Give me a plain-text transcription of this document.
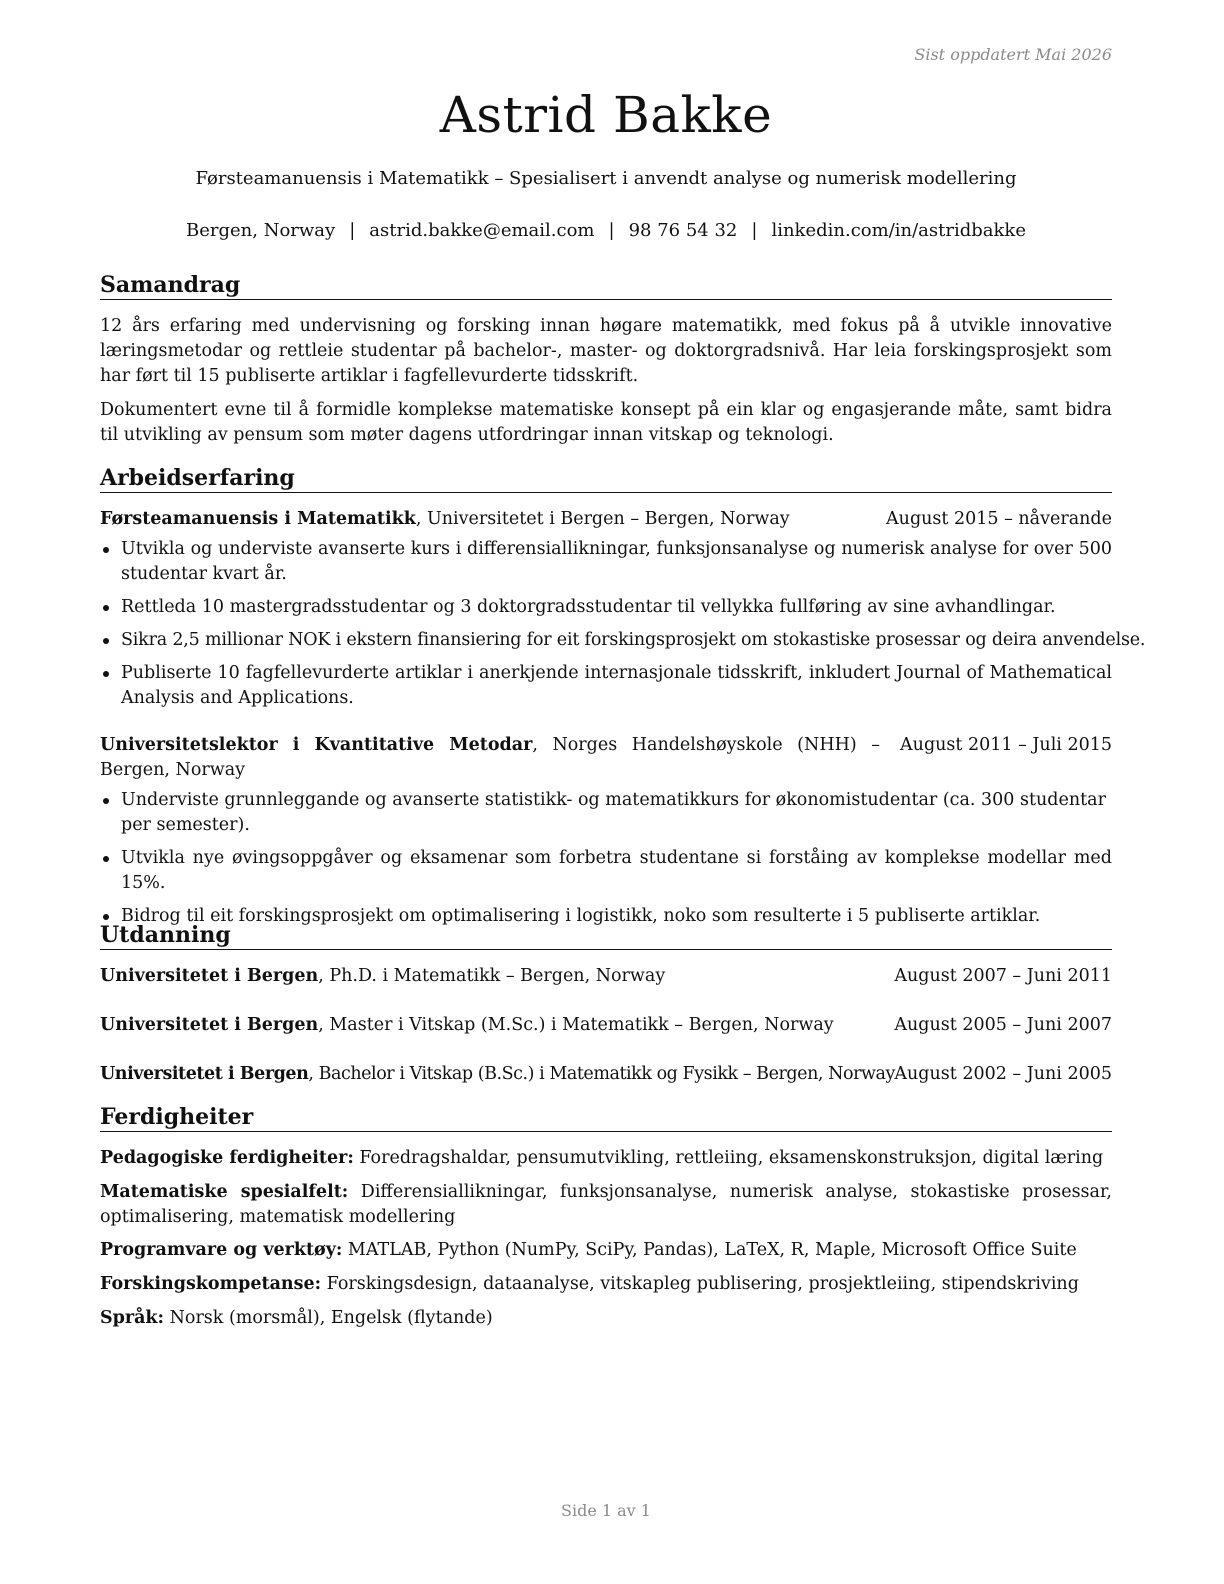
Sist oppdatert Mai 2026
Astrid Bakke
Førsteamanuensis i Matematikk – Spesialisert i anvendt analyse og numerisk modellering
Bergen, Norway | astrid.bakke@email.com | 98 76 54 32 | linkedin.com/in/astridbakke
Samandrag

12 års erfaring med undervisning og forsking innan høgare matematikk, med fokus på å utvikle innovative læringsmetodar og rettleie studentar på bachelor-, master- og doktorgradsnivå. Har leia forskingsprosjekt som har ført til 15 publiserte artiklar i fagfellevurderte tidsskrift.

Dokumentert evne til å formidle komplekse matematiske konsept på ein klar og engasjerande måte, samt bidra til utvikling av pensum som møter dagens utfordringar innan vitskap og teknologi.

Arbeidserfaring
Førsteamanuensis i Matematikk, Universitetet i Bergen – Bergen, Norway	August 2015 – nåverande
Utvikla og underviste avanserte kurs i differensiallikningar, funksjonsanalyse og numerisk analyse for over 500 studentar kvart år.
Rettleda 10 mastergradsstudentar og 3 doktorgradsstudentar til vellykka fullføring av sine avhandlingar.
Sikra 2,5 millionar NOK i ekstern finansiering for eit forskingsprosjekt om stokastiske prosessar og deira anvendelse.
Publiserte 10 fagfellevurderte artiklar i anerkjende internasjonale tidsskrift, inkludert Journal of Mathematical Analysis and Applications.
Universitetslektor i Kvantitative Metodar, Norges Handelshøyskole (NHH) – Bergen, Norway
August 2011 – Juli 2015
Underviste grunnleggande og avanserte statistikk- og matematikkurs for økonomistudentar (ca. 300 studentar per semester).
Utvikla nye øvingsoppgåver og eksamenar som forbetra studentane si forståing av komplekse modellar med 15%.
Bidrog til eit forskingsprosjekt om optimalisering i logistikk, noko som resulterte i 5 publiserte artiklar.
Utdanning
Universitetet i Bergen, Ph.D. i Matematikk – Bergen, Norway	August 2007 – Juni 2011
Universitetet i Bergen, Master i Vitskap (M.Sc.) i Matematikk – Bergen, Norway	August 2005 – Juni 2007
Universitetet i Bergen, Bachelor i Vitskap (B.Sc.) i Matematikk og Fysikk – Bergen, Norway August 2002 – Juni 2005
Ferdigheiter

Pedagogiske ferdigheiter: Foredragshaldar, pensumutvikling, rettleiing, eksamenskonstruksjon, digital læring

Matematiske spesialfelt: Differensiallikningar, funksjonsanalyse, numerisk analyse, stokastiske prosessar, optimalisering, matematisk modellering

Programvare og verktøy: MATLAB, Python (NumPy, SciPy, Pandas), LaTeX, R, Maple, Microsoft Office Suite

Forskingskompetanse: Forskingsdesign, dataanalyse, vitskapleg publisering, prosjektleiing, stipendskriving

Språk: Norsk (morsmål), Engelsk (flytande)

Side 1 av 1
